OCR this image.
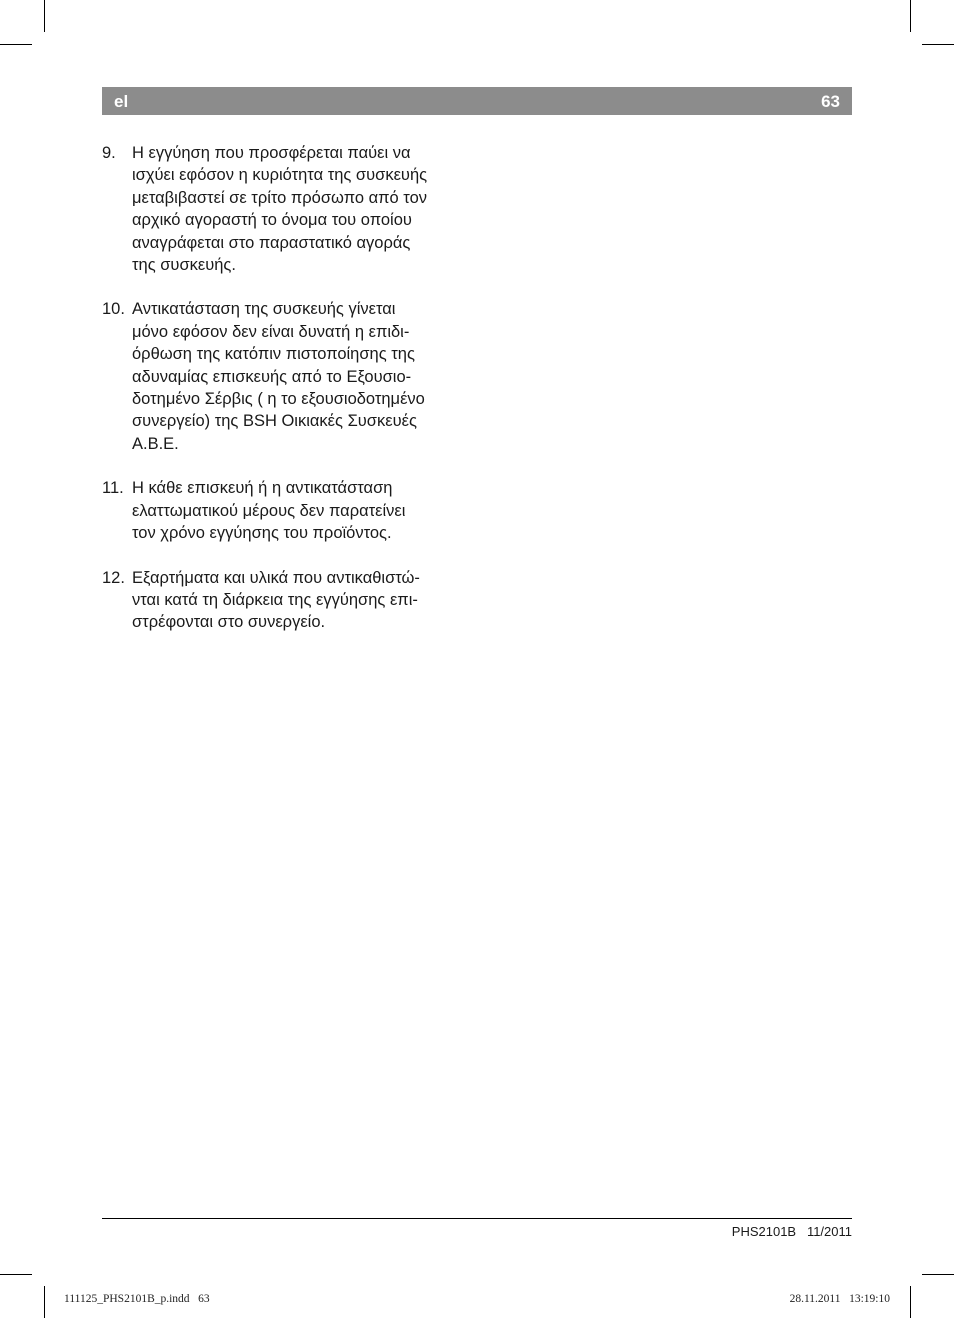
el	63
9. Η εγγύηση που προσφέρεται παύει να
ισχύει εφόσον η κυριότητα της συσκευής
μεταβιβαστεί σε τρίτο πρόσωπο από τον
αρχικό αγοραστή το όνομα του οποίου
αναγράφεται στο παραστατικό αγοράς
της συσκευής.

10. Αντικατάσταση της συσκευής γίνεται
μόνο εφόσον δεν είναι δυνατή η επιδι-
όρθωση της κατόπιν πιστοποίησης της
αδυναμίας επισκευής από το Εξουσιο-
δοτημένο Σέρβις ( η το εξουσιοδοτημένο
συνεργείο) της BSH Οικιακές Συσκευές
A.B.E.

11. Η κάθε επισκευή ή η αντικατάσταση
ελαττωματικού μέρους δεν παρατείνει
τον χρόνο εγγύησης του προϊόντος.

12. Εξαρτήματα και υλικά που αντικαθιστώ-
νται κατά τη διάρκεια της εγγύησης επι-
στρέφονται στο συνεργείο.

PHS2101B   11/2011
111125_PHS2101B_p.indd   63	28.11.2011   13:19:10
